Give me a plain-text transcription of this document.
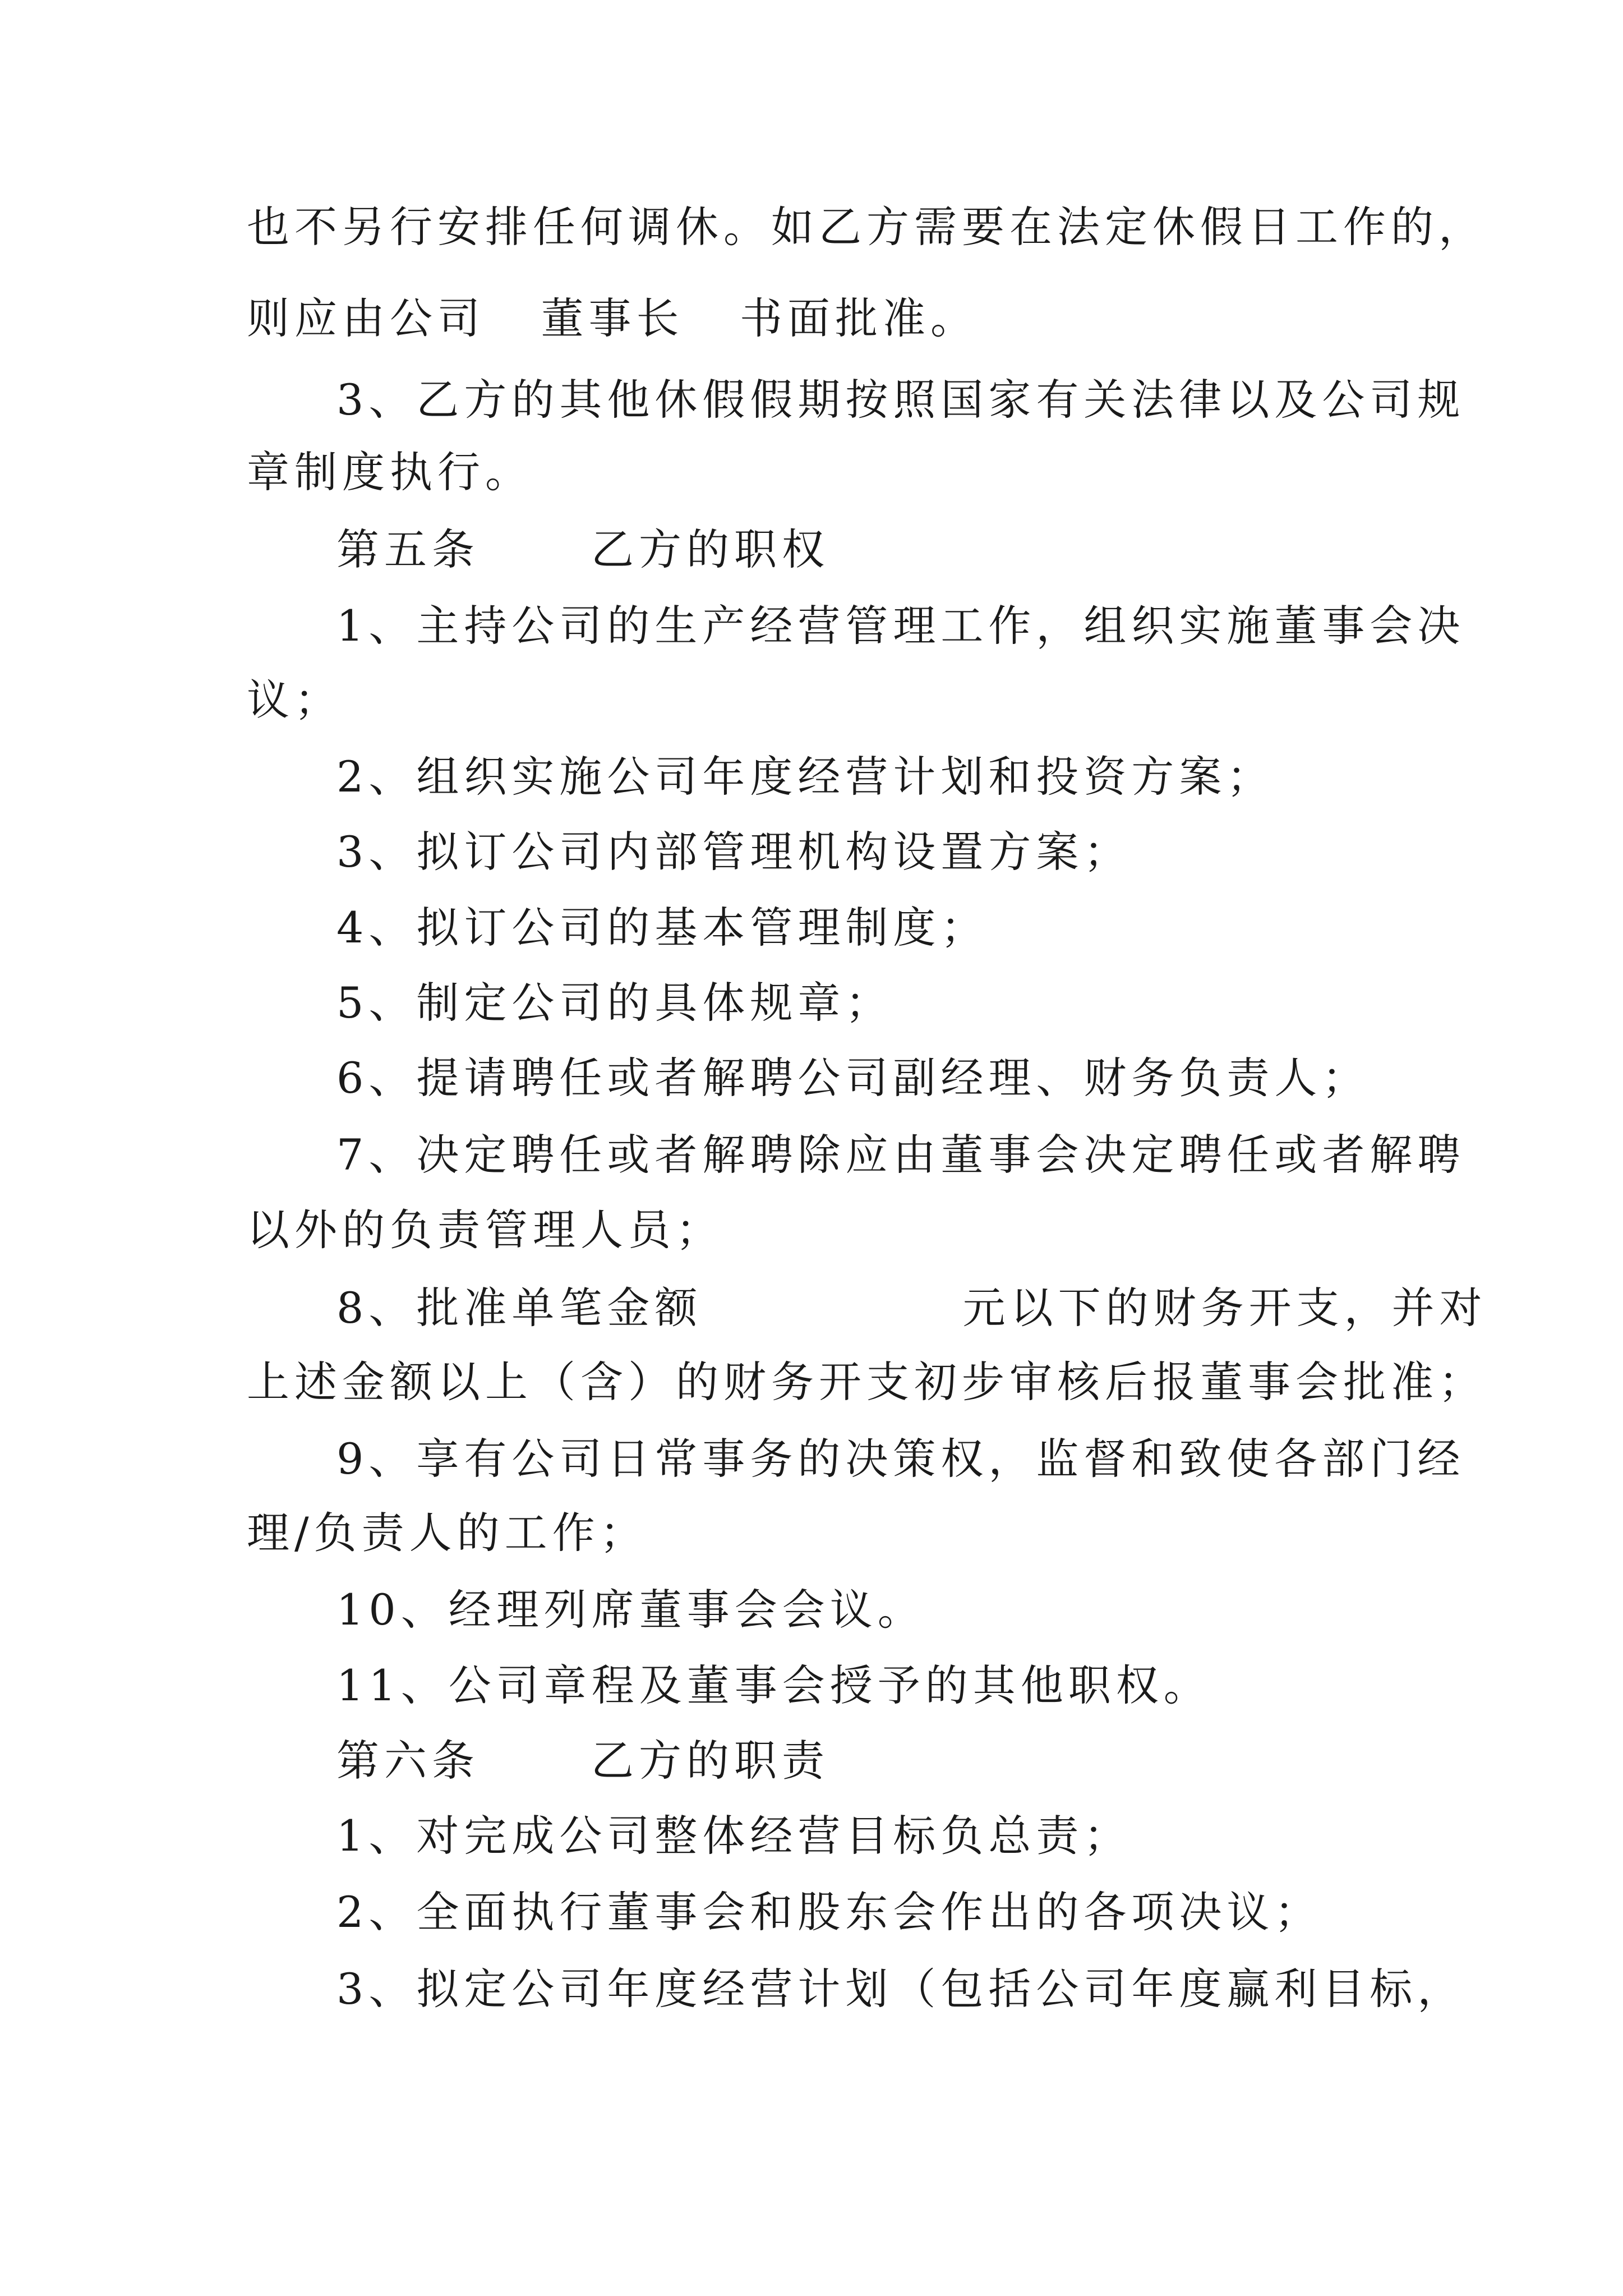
也不另行安排任何调休。如乙方需要在法定休假日工作的，
则应由公司   董事长   书面批准。
3、乙方的其他休假假期按照国家有关法律以及公司规
章制度执行。
第五条      乙方的职权
1、主持公司的生产经营管理工作，组织实施董事会决
议；
2、组织实施公司年度经营计划和投资方案；
3、拟订公司内部管理机构设置方案；
4、拟订公司的基本管理制度；
5、制定公司的具体规章；
6、提请聘任或者解聘公司副经理、财务负责人；
7、决定聘任或者解聘除应由董事会决定聘任或者解聘
以外的负责管理人员；
8、批准单笔金额              元以下的财务开支，并对
上述金额以上（含）的财务开支初步审核后报董事会批准；
9、享有公司日常事务的决策权，监督和致使各部门经
理/负责人的工作；
10、经理列席董事会会议。
11、公司章程及董事会授予的其他职权。
第六条      乙方的职责
1、对完成公司整体经营目标负总责；
2、全面执行董事会和股东会作出的各项决议；
3、拟定公司年度经营计划（包括公司年度赢利目标，
